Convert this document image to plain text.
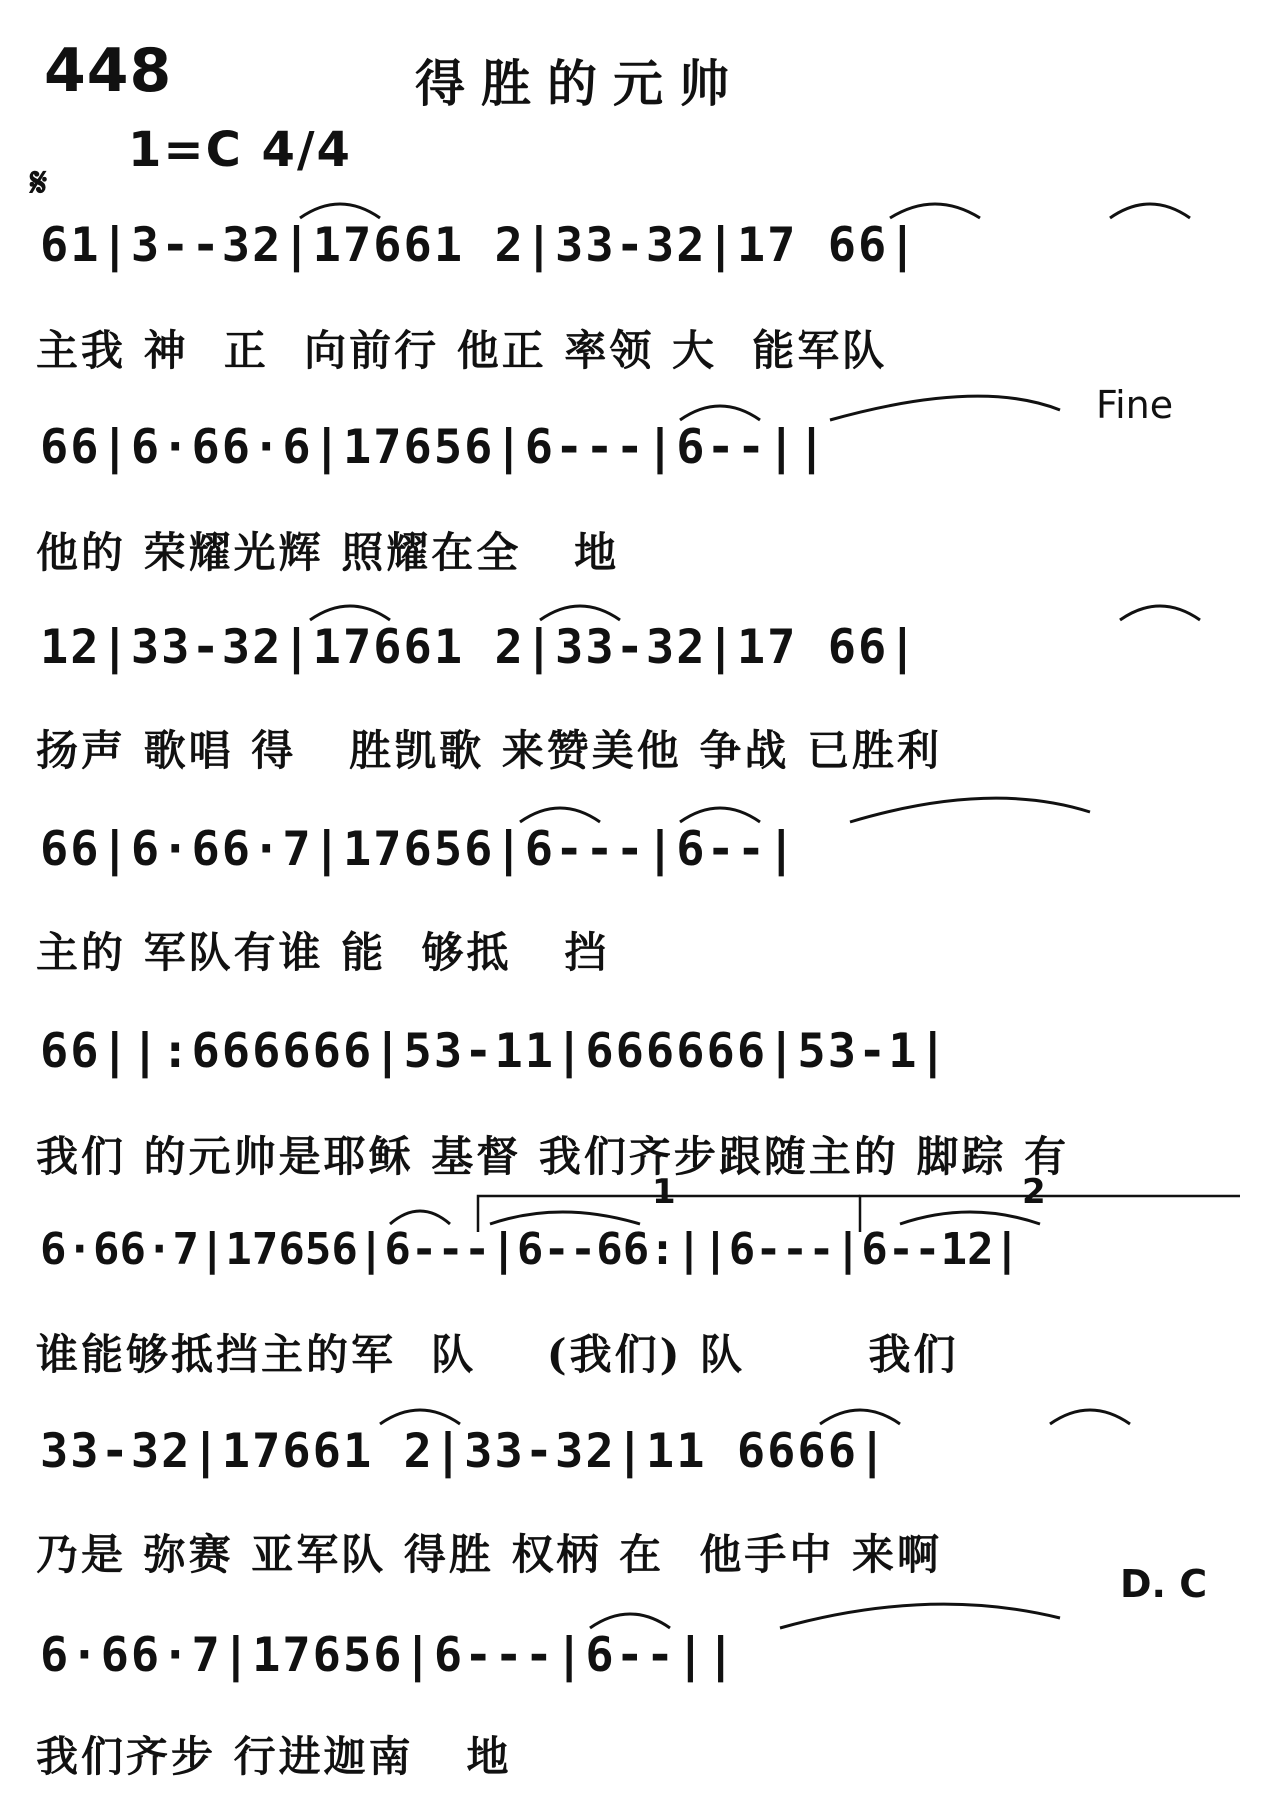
448	得胜的元帅
1=C 4/4
𝄋
Fine
1	2
D. C
61|3--32|17661 2|33-32|17 66|
主我 神  正  向前行 他正 率领 大  能军队
66|6·66·6|17656|6---|6--||
他的 荣耀光辉 照耀在全   地
12|33-32|17661 2|33-32|17 66|
扬声 歌唱 得   胜凯歌 来赞美他 争战 已胜利
66|6·66·7|17656|6---|6--|
主的 军队有谁 能  够抵   挡
66||:666666|53-11|666666|53-1|
我们 的元帅是耶稣 基督 我们齐步跟随主的 脚踪 有
6·66·7|17656|6---|6--66:||6---|6--12|
谁能够抵挡主的军  队    (我们) 队       我们
33-32|17661 2|33-32|11 6666|
乃是 弥赛 亚军队 得胜 权柄 在  他手中 来啊
6·66·7|17656|6---|6--||
我们齐步 行进迦南   地
